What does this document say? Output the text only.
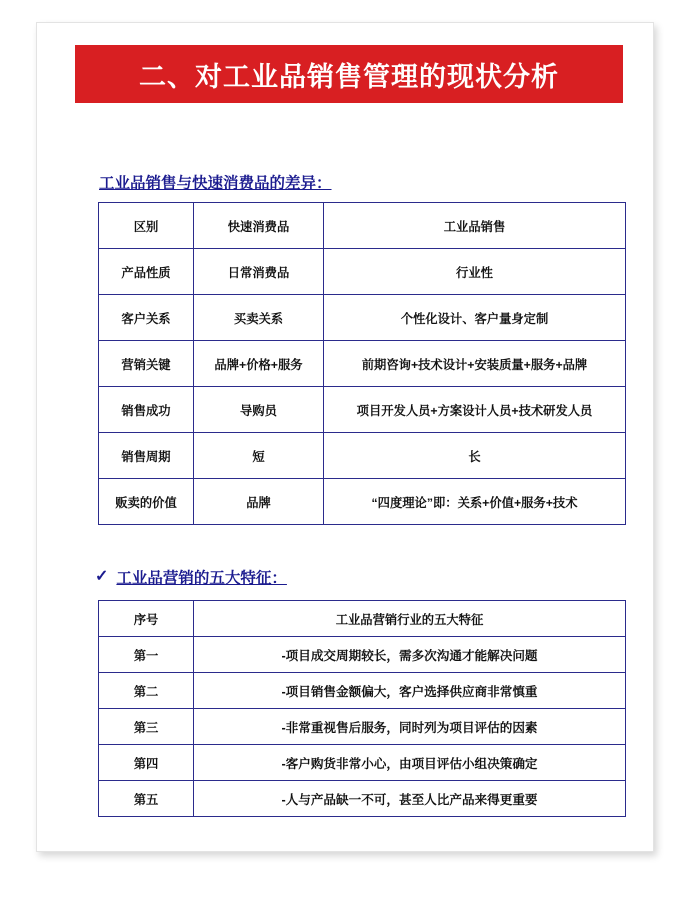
二、对工业品销售管理的现状分析
工业品销售与快速消费品的差异：
区别	快速消费品	工业品销售
产品性质	日常消费品	行业性
客户关系	买卖关系	个性化设计、客户量身定制
营销关键	品牌+价格+服务	前期咨询+技术设计+安装质量+服务+品牌
销售成功	导购员	项目开发人员+方案设计人员+技术研发人员
销售周期	短	长
贩卖的价值	品牌	“四度理论”即：关系+价值+服务+技术
✓ 工业品营销的五大特征：
序号	工业品营销行业的五大特征
第一	-项目成交周期较长，需多次沟通才能解决问题
第二	-项目销售金额偏大，客户选择供应商非常慎重
第三	-非常重视售后服务，同时列为项目评估的因素
第四	-客户购货非常小心，由项目评估小组决策确定
第五	-人与产品缺一不可，甚至人比产品来得更重要
